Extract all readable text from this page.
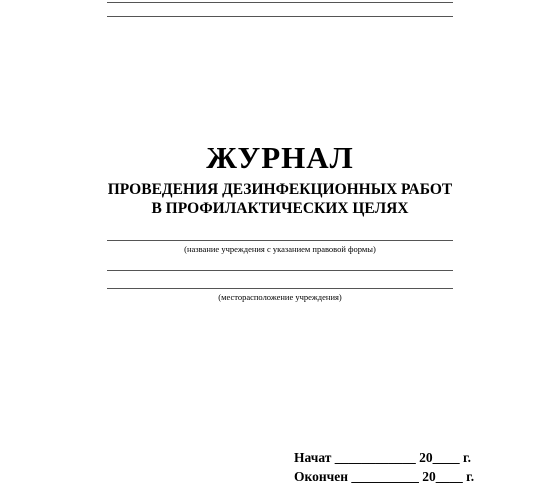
ЖУРНАЛ
ПРОВЕДЕНИЯ ДЕЗИНФЕКЦИОННЫХ РАБОТ
В ПРОФИЛАКТИЧЕСКИХ ЦЕЛЯХ
(название учреждения с указанием правовой формы)
(месторасположение учреждения)
Начат ____________ 20____ г.
Окончен __________ 20____ г.
